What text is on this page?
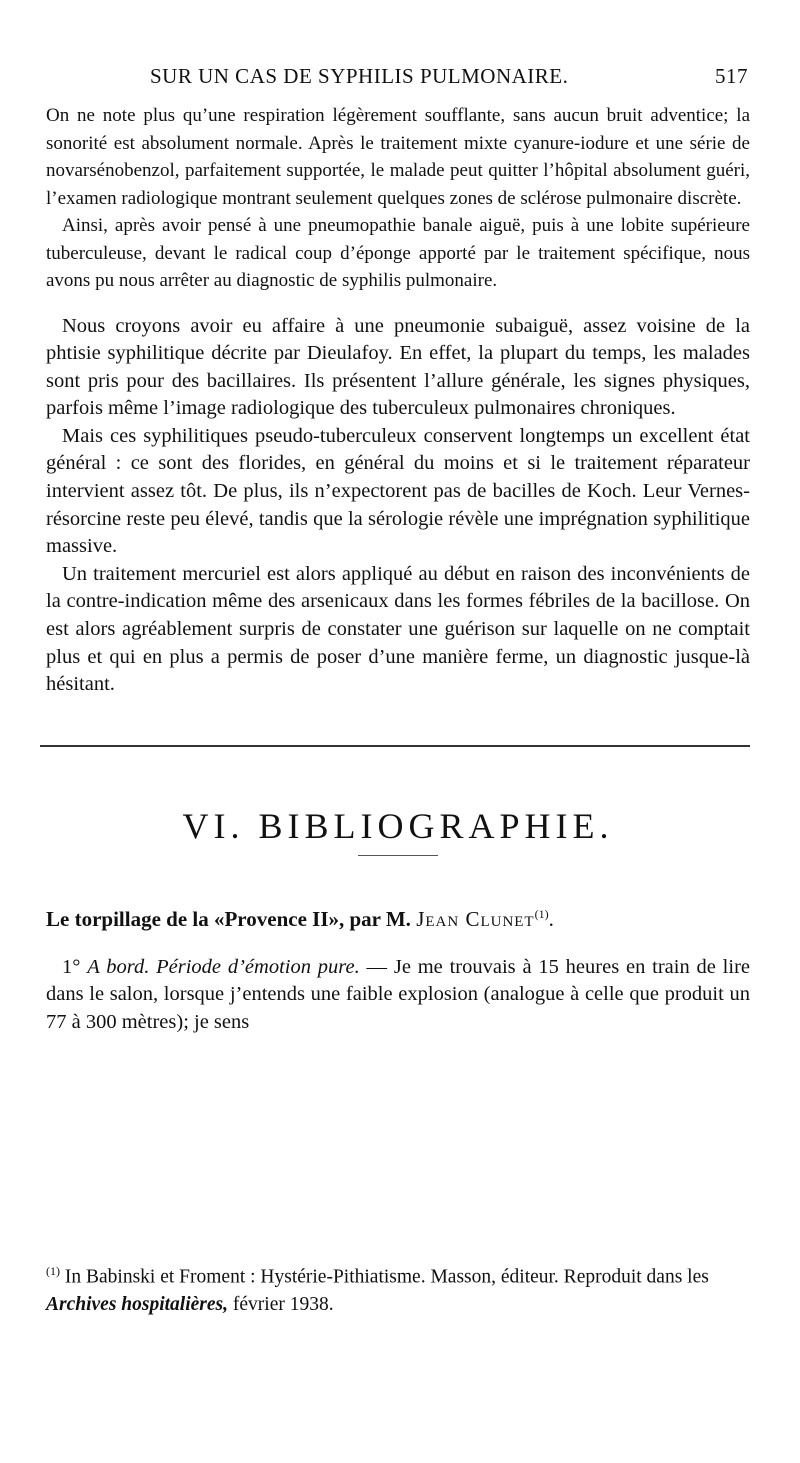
SUR UN CAS DE SYPHILIS PULMONAIRE.	517

On ne note plus qu’une respiration légèrement soufflante, sans aucun bruit adventice; la sonorité est absolument normale. Après le traitement mixte cyanure-iodure et une série de novarsénobenzol, parfaitement supportée, le malade peut quitter l’hôpital absolument guéri, l’examen radiologique montrant seulement quelques zones de sclérose pulmonaire discrète.

Ainsi, après avoir pensé à une pneumopathie banale aiguë, puis à une lobite supérieure tuberculeuse, devant le radical coup d’éponge apporté par le traitement spécifique, nous avons pu nous arrêter au diagnostic de syphilis pulmonaire.

Nous croyons avoir eu affaire à une pneumonie subaiguë, assez voisine de la phtisie syphilitique décrite par Dieulafoy. En effet, la plupart du temps, les malades sont pris pour des bacillaires. Ils présentent l’allure générale, les signes physiques, parfois même l’image radiologique des tuberculeux pulmonaires chroniques.

Mais ces syphilitiques pseudo-tuberculeux conservent longtemps un excellent état général : ce sont des florides, en général du moins et si le traitement réparateur intervient assez tôt. De plus, ils n’expectorent pas de bacilles de Koch. Leur Vernes-résorcine reste peu élevé, tandis que la sérologie révèle une imprégnation syphilitique massive.

Un traitement mercuriel est alors appliqué au début en raison des inconvénients de la contre-indication même des arsenicaux dans les formes fébriles de la bacillose. On est alors agréablement surpris de constater une guérison sur laquelle on ne comptait plus et qui en plus a permis de poser d’une manière ferme, un diagnostic jusque-là hésitant.

VI. BIBLIOGRAPHIE.

Le torpillage de la «Provence II», par M. Jean Clunet$^{(1)}$.

1° A bord. Période d’émotion pure. — Je me trouvais à 15 heures en train de lire dans le salon, lorsque j’entends une faible explosion (analogue à celle que produit un 77 à 300 mètres); je sens

$^{(1)}$ In Babinski et Froment : Hystérie-Pithiatisme. Masson, éditeur. Reproduit dans les Archives hospitalières, février 1938.
